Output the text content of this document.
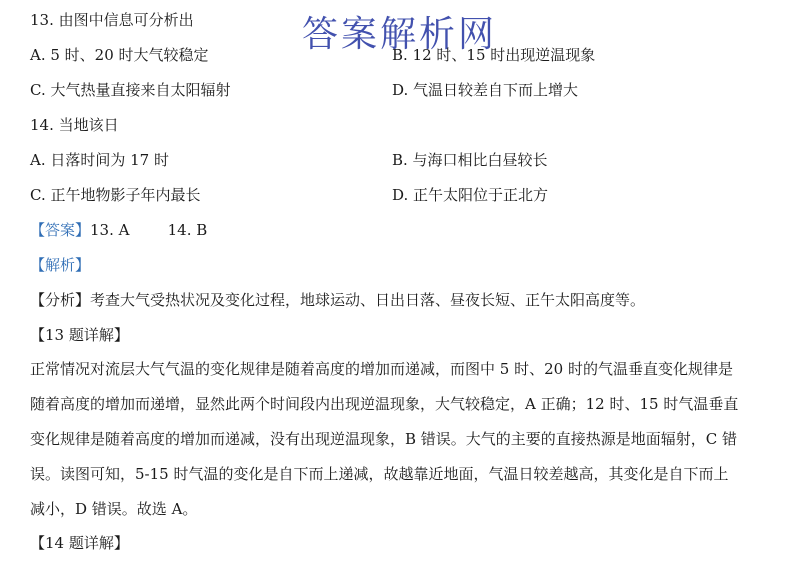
答案解析网
13. 由图中信息可分析出
A. 5 时、20 时大气较稳定	B. 12 时、15 时出现逆温现象
C. 大气热量直接来自太阳辐射	D. 气温日较差自下而上增大
14. 当地该日
A. 日落时间为 17 时	B. 与海口相比白昼较长
C. 正午地物影子年内最长	D. 正午太阳位于正北方
【答案】13. A        14. B
【解析】
【分析】考查大气受热状况及变化过程，地球运动、日出日落、昼夜长短、正午太阳高度等。
【13 题详解】
正常情况对流层大气气温的变化规律是随着高度的增加而递减，而图中 5 时、20 时的气温垂直变化规律是
随着高度的增加而递增，显然此两个时间段内出现逆温现象，大气较稳定，A 正确；12 时、15 时气温垂直
变化规律是随着高度的增加而递减，没有出现逆温现象，B 错误。大气的主要的直接热源是地面辐射，C 错
误。读图可知，5-15 时气温的变化是自下而上递减，故越靠近地面，气温日较差越高，其变化是自下而上
减小，D 错误。故选 A。
【14 题详解】
